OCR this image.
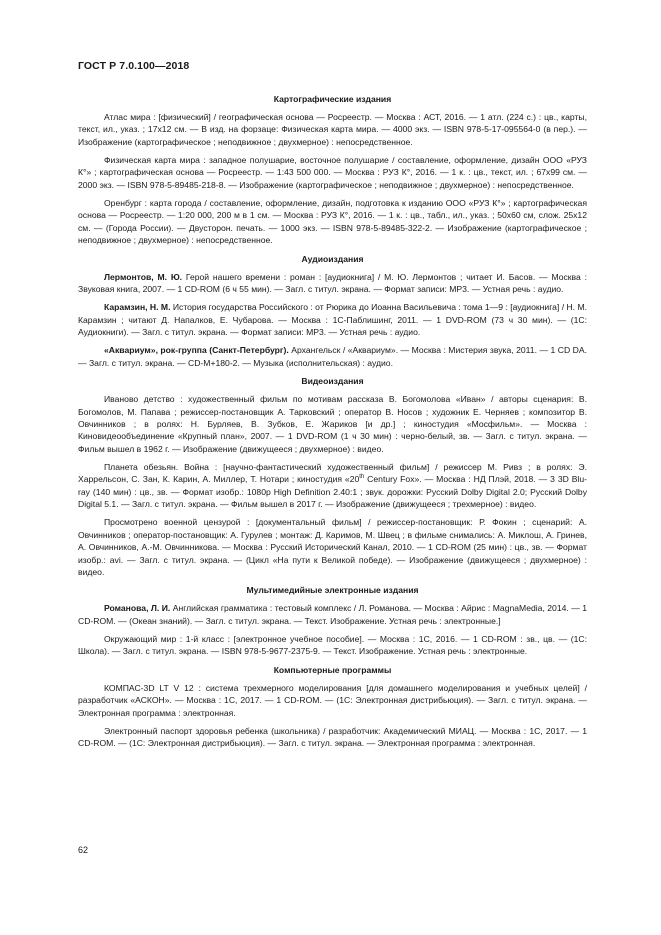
ГОСТ Р 7.0.100—2018
Картографические издания

Атлас мира : [физический] / географическая основа — Росреестр. — Москва : АСТ, 2016. — 1 атл. (224 с.) : цв., карты, текст, ил., указ. ; 17х12 см. — В изд. на форзаце: Физическая карта мира. — 4000 экз. — ISBN 978-5-17-095564-0 (в пер.). — Изображение (картографическое ; неподвижное ; двухмерное) : непосредственное.

Физическая карта мира : западное полушарие, восточное полушарие / составление, оформление, дизайн ООО «РУЗ К°» ; картографическая основа — Росреестр. — 1:43 500 000. — Москва : РУЗ К°, 2016. — 1 к. : цв., текст, ил. ; 67х99 см. — 2000 экз. — ISBN 978-5-89485-218-8. — Изображение (картографическое ; неподвижное ; двухмерное) : непосредственное.

Оренбург : карта города / составление, оформление, дизайн, подготовка к изданию ООО «РУЗ К°» ; картографическая основа — Росреестр. — 1:20 000, 200 м в 1 см. — Москва : РУЗ К°, 2016. — 1 к. : цв., табл., ил., указ. ; 50х60 см, слож. 25х12 см. — (Города России). — Двусторон. печать. — 1000 экз. — ISBN 978-5-89485-322-2. — Изображение (картографическое ; неподвижное ; двухмерное) : непосредственное.

Аудиоиздания

Лермонтов, М. Ю. Герой нашего времени : роман : [аудиокнига] / М. Ю. Лермонтов ; читает И. Басов. — Москва : Звуковая книга, 2007. — 1 CD-ROM (6 ч 55 мин). — Загл. с титул. экрана. — Формат записи: MP3. — Устная речь : аудио.

Карамзин, Н. М. История государства Российского : от Рюрика до Иоанна Васильевича : тома 1—9 : [аудиокнига] / Н. М. Карамзин ; читают Д. Напалков, Е. Чубарова. — Москва : 1С-Паблишинг, 2011. — 1 DVD-ROM (73 ч 30 мин). — (1С: Аудиокниги). — Загл. с титул. экрана. — Формат записи: MP3. — Устная речь : аудио.

«Аквариум», рок-группа (Санкт-Петербург). Архангельск / «Аквариум». — Москва : Мистерия звука, 2011. — 1 CD DA. — Загл. с титул. экрана. — CD-M+180-2. — Музыка (исполнительская) : аудио.

Видеоиздания

Иваново детство : художественный фильм по мотивам рассказа В. Богомолова «Иван» / авторы сценария: В. Богомолов, М. Папава ; режиссер-постановщик А. Тарковский ; оператор В. Носов ; художник Е. Черняев ; композитор В. Овчинников ; в ролях: Н. Бурляев, В. Зубков, Е. Жариков [и др.] ; киностудия «Мосфильм». — Москва : Киновидеообъединение «Крупный план», 2007. — 1 DVD-ROM (1 ч 30 мин) : черно-белый, зв. — Загл. с титул. экрана. — Фильм вышел в 1962 г. — Изображение (движущееся ; двухмерное) : видео.

Планета обезьян. Война : [научно-фантастический художественный фильм] / режиссер М. Ривз ; в ролях: Э. Харрельсон, С. Зан, К. Карин, А. Миллер, Т. Нотари ; киностудия «20th Century Fox». — Москва : НД Плэй, 2018. — 3 3D Blu-ray (140 мин) : цв., зв. — Формат изобр.: 1080p High Definition 2.40:1 ; звук. дорожки: Русский Dolby Digital 2.0; Русский Dolby Digital 5.1. — Загл. с титул. экрана. — Фильм вышел в 2017 г. — Изображение (движущееся ; трехмерное) : видео.

Просмотрено военной цензурой : [документальный фильм] / режиссер-постановщик: Р. Фокин ; сценарий: А. Овчинников ; оператор-постановщик: А. Гурулев ; монтаж: Д. Каримов, М. Швец ; в фильме снимались: А. Миклош, А. Гринев, А. Овчинников, А.-М. Овчинникова. — Москва : Русский Исторический Канал, 2010. — 1 CD-ROM (25 мин) : цв., зв. — Формат изобр.: avi. — Загл. с титул. экрана. — (Цикл «На пути к Великой победе). — Изображение (движущееся ; двухмерное) : видео.

Мультимедийные электронные издания

Романова, Л. И. Английская грамматика : тестовый комплекс / Л. Романова. — Москва : Айрис : MagnaMedia, 2014. — 1 CD-ROM. — (Океан знаний). — Загл. с титул. экрана. — Текст. Изображение. Устная речь : электронные.]

Окружающий мир : 1-й класс : [электронное учебное пособие]. — Москва : 1С, 2016. — 1 CD-ROM : зв., цв. — (1С: Школа). — Загл. с титул. экрана. — ISBN 978-5-9677-2375-9. — Текст. Изображение. Устная речь : электронные.

Компьютерные программы

КОМПАС-3D LT V 12 : система трехмерного моделирования [для домашнего моделирования и учебных целей] / разработчик «АСКОН». — Москва : 1С, 2017. — 1 CD-ROM. — (1С: Электронная дистрибьюция). — Загл. с титул. экрана. — Электронная программа : электронная.

Электронный паспорт здоровья ребенка (школьника) / разработчик: Академический МИАЦ. — Москва : 1С, 2017. — 1 CD-ROM. — (1С: Электронная дистрибьюция). — Загл. с титул. экрана. — Электронная программа : электронная.

62
